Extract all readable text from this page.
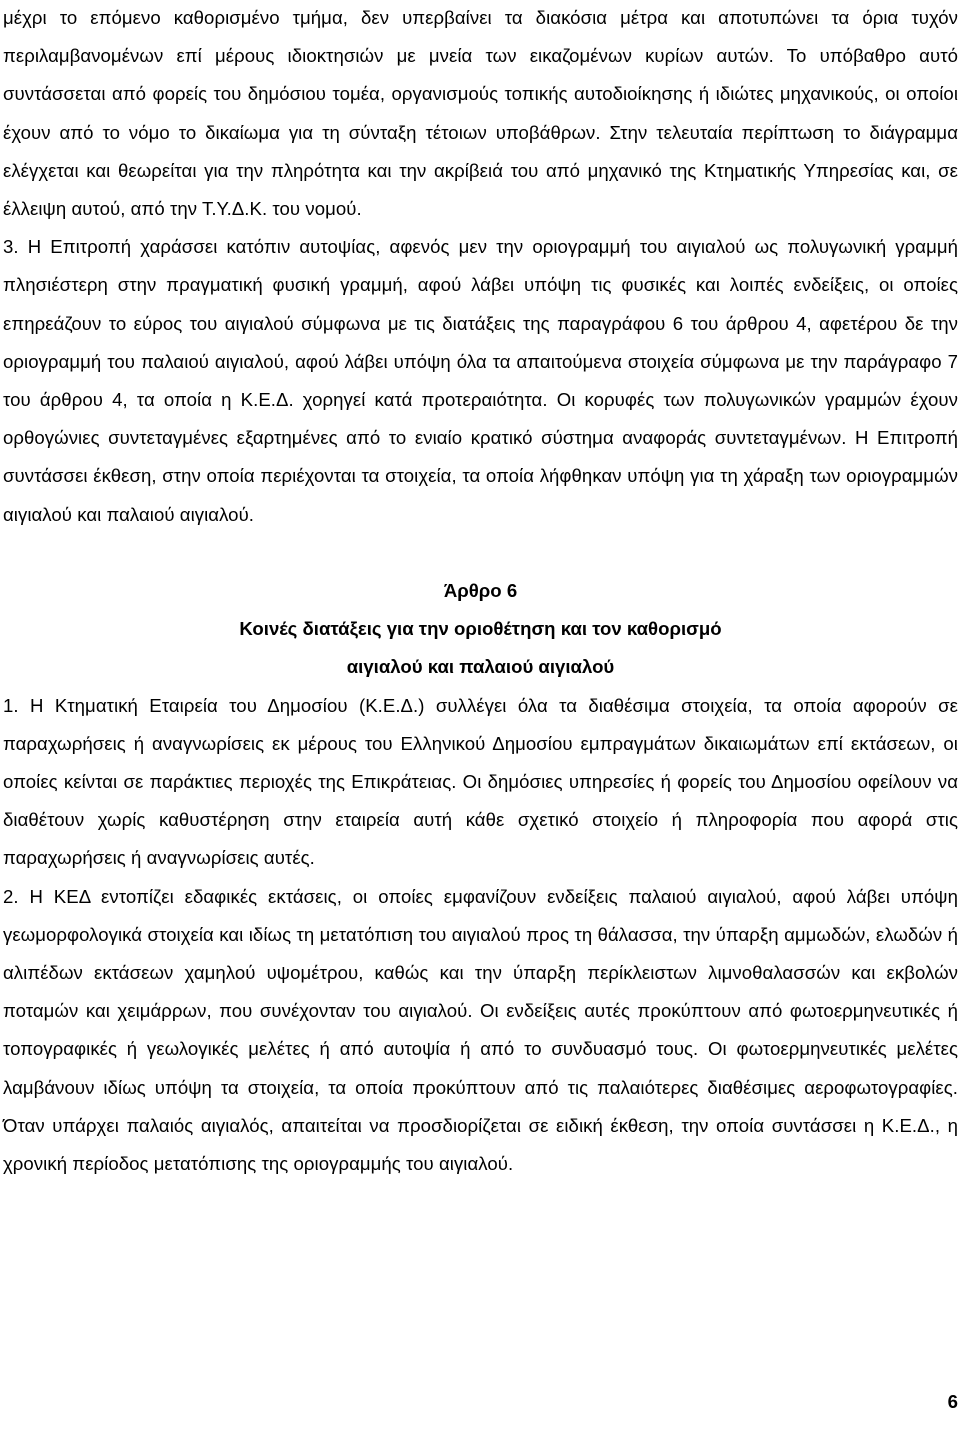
μέχρι το επόμενο καθορισμένο τμήμα, δεν υπερβαίνει τα διακόσια μέτρα και αποτυπώνει τα όρια τυχόν περιλαμβανομένων επί μέρους ιδιοκτησιών με μνεία των εικαζομένων κυρίων αυτών. Το υπόβαθρο αυτό συντάσσεται από φορείς του δημόσιου τομέα, οργανισμούς τοπικής αυτοδιοίκησης ή ιδιώτες μηχανικούς, οι οποίοι έχουν από το νόμο το δικαίωμα για τη σύνταξη τέτοιων υποβάθρων. Στην τελευταία περίπτωση το διάγραμμα ελέγχεται και θεωρείται για την πληρότητα και την ακρίβειά του από μηχανικό της Κτηματικής Υπηρεσίας και, σε έλλειψη αυτού, από την Τ.Υ.Δ.Κ. του νομού.

3. Η Επιτροπή χαράσσει κατόπιν αυτοψίας, αφενός μεν την οριογραμμή του αιγιαλού ως πολυγωνική γραμμή πλησιέστερη στην πραγματική φυσική γραμμή, αφού λάβει υπόψη τις φυσικές και λοιπές ενδείξεις, οι οποίες επηρεάζουν το εύρος του αιγιαλού σύμφωνα με τις διατάξεις της παραγράφου 6 του άρθρου 4, αφετέρου δε την οριογραμμή του παλαιού αιγιαλού, αφού λάβει υπόψη όλα τα απαιτούμενα στοιχεία σύμφωνα με την παράγραφο 7 του άρθρου 4, τα οποία η Κ.Ε.Δ. χορηγεί κατά προτεραιότητα. Οι κορυφές των πολυγωνικών γραμμών έχουν ορθογώνιες συντεταγμένες εξαρτημένες από το ενιαίο κρατικό σύστημα αναφοράς συντεταγμένων. Η Επιτροπή συντάσσει έκθεση, στην οποία περιέχονται τα στοιχεία, τα οποία λήφθηκαν υπόψη για τη χάραξη των οριογραμμών αιγιαλού και παλαιού αιγιαλού.

Άρθρο 6

Κοινές διατάξεις για την οριοθέτηση και τον καθορισμό

αιγιαλού και παλαιού αιγιαλού

1. Η Κτηματική Εταιρεία του Δημοσίου (Κ.Ε.Δ.) συλλέγει όλα τα διαθέσιμα στοιχεία, τα οποία αφορούν σε παραχωρήσεις ή αναγνωρίσεις εκ μέρους του Ελληνικού Δημοσίου εμπραγμάτων δικαιωμάτων επί εκτάσεων, οι οποίες κείνται σε παράκτιες περιοχές της Επικράτειας. Οι δημόσιες υπηρεσίες ή φορείς του Δημοσίου οφείλουν να διαθέτουν χωρίς καθυστέρηση στην εταιρεία αυτή κάθε σχετικό στοιχείο ή πληροφορία που αφορά στις παραχωρήσεις ή αναγνωρίσεις αυτές.

2. Η ΚΕΔ εντοπίζει εδαφικές εκτάσεις, οι οποίες εμφανίζουν ενδείξεις παλαιού αιγιαλού, αφού λάβει υπόψη γεωμορφολογικά στοιχεία και ιδίως τη μετατόπιση του αιγιαλού προς τη θάλασσα, την ύπαρξη αμμωδών, ελωδών ή αλιπέδων εκτάσεων χαμηλού υψομέτρου, καθώς και την ύπαρξη περίκλειστων λιμνοθαλασσών και εκβολών ποταμών και χειμάρρων, που συνέχονταν του αιγιαλού. Οι ενδείξεις αυτές προκύπτουν από φωτοερμηνευτικές ή τοπογραφικές ή γεωλογικές μελέτες ή από αυτοψία ή από το συνδυασμό τους. Οι φωτοερμηνευτικές μελέτες λαμβάνουν ιδίως υπόψη τα στοιχεία, τα οποία προκύπτουν από τις παλαιότερες διαθέσιμες αεροφωτογραφίες. Όταν υπάρχει παλαιός αιγιαλός, απαιτείται να προσδιορίζεται σε ειδική έκθεση, την οποία συντάσσει η Κ.Ε.Δ., η χρονική περίοδος μετατόπισης της οριογραμμής του αιγιαλού.

6
